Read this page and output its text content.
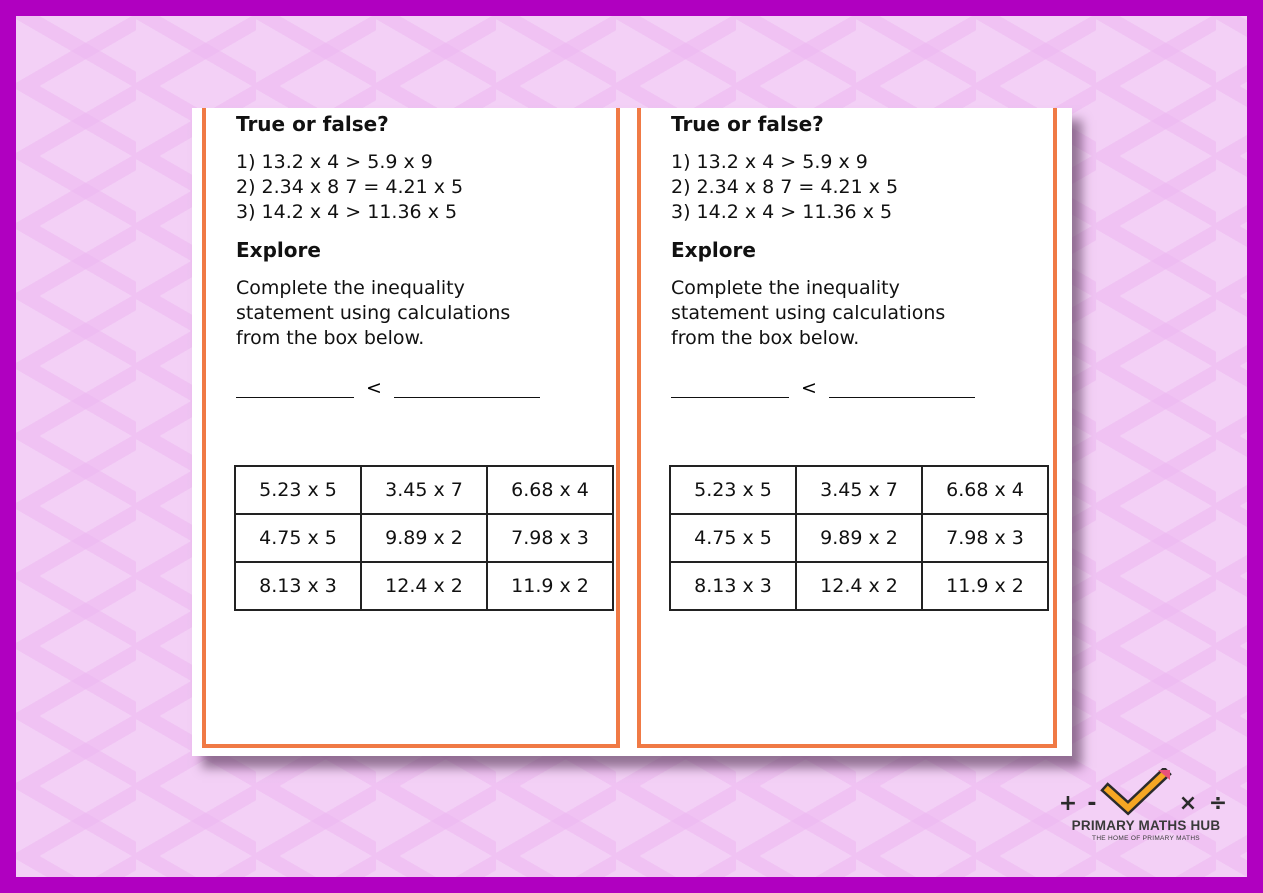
True or false?
1) 13.2 x 4 > 5.9 x 9
2) 2.34 x 8 7 = 4.21 x 5
3) 14.2 x 4 > 11.36 x 5
Explore
Complete the inequality
statement using calculations
from the box below.
<
5.23 x 5	3.45 x 7	6.68 x 4
4.75 x 5	9.89 x 2	7.98 x 3
8.13 x 3	12.4 x 2	11.9 x 2
True or false?
1) 13.2 x 4 > 5.9 x 9
2) 2.34 x 8 7 = 4.21 x 5
3) 14.2 x 4 > 11.36 x 5
Explore
Complete the inequality
statement using calculations
from the box below.
<
5.23 x 5	3.45 x 7	6.68 x 4
4.75 x 5	9.89 x 2	7.98 x 3
8.13 x 3	12.4 x 2	11.9 x 2
+ -	× ÷
PRIMARY MATHS HUB
THE HOME OF PRIMARY MATHS
